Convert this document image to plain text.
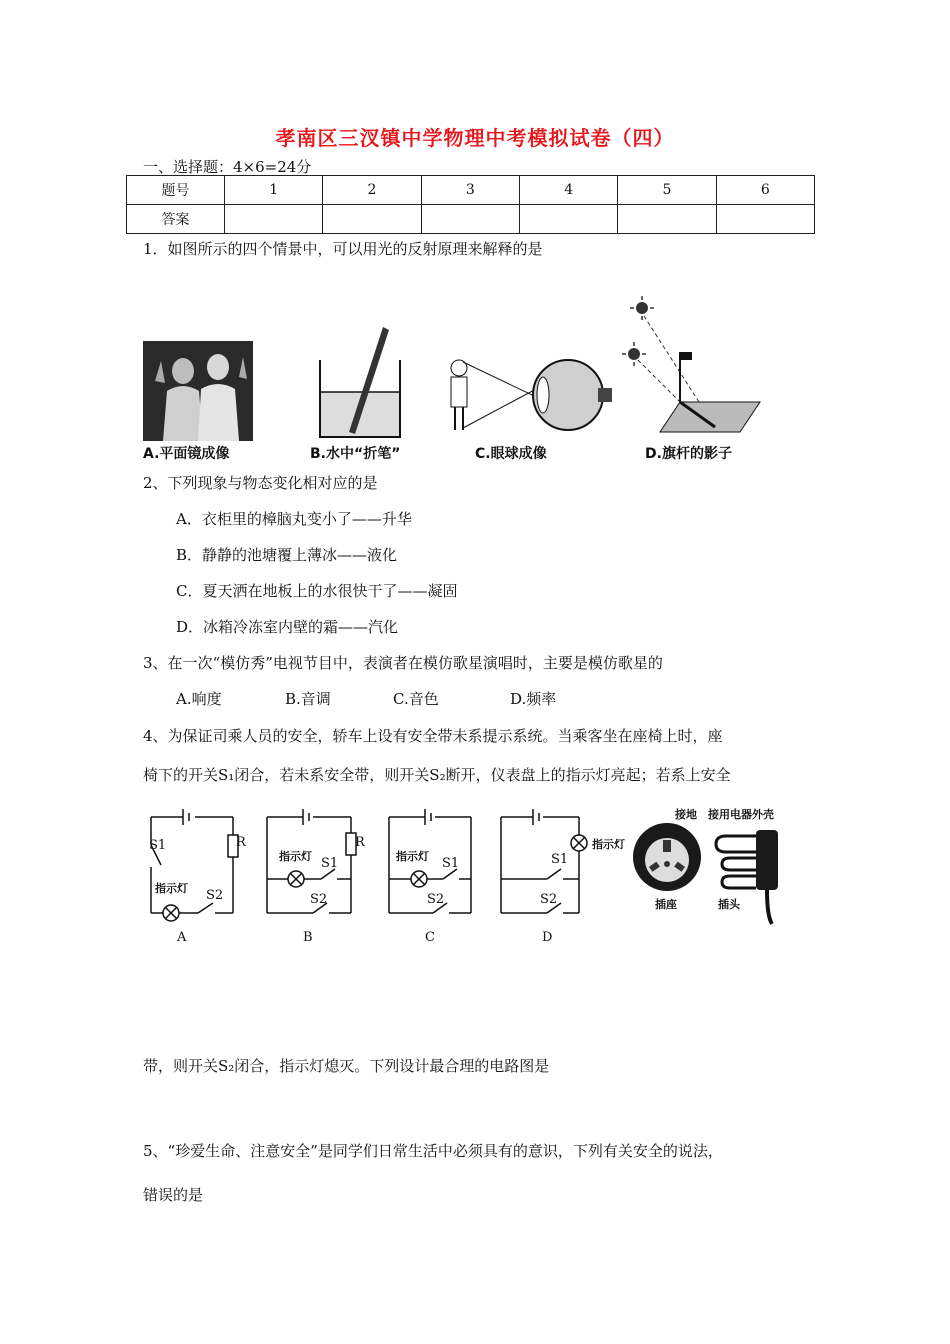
孝南区三汊镇中学物理中考模拟试卷（四）
一、选择题：4×6=24分
题号	1	2	3	4	5	6
答案						
1．如图所示的四个情景中，可以用光的反射原理来解释的是
A.平面镜成像	B.水中“折笔”	C.眼球成像	D.旗杆的影子
2、下列现象与物态变化相对应的是
A．衣柜里的樟脑丸变小了——升华
B．静静的池塘覆上薄冰——液化
C．夏天洒在地板上的水很快干了——凝固
D．冰箱冷冻室内壁的霜——汽化
3、在一次“模仿秀”电视节目中，表演者在模仿歌星演唱时，主要是模仿歌星的
A.响度	B.音调	C.音色	D.频率
4、为保证司乘人员的安全，轿车上设有安全带未系提示系统。当乘客坐在座椅上时，座
椅下的开关S₁闭合，若未系安全带，则开关S₂断开，仪表盘上的指示灯亮起；若系上安全
S1	R
指示灯 S2
A
指示灯 S1
R
S2
B
指示灯 S1
S2
C
指示灯
S1
S2
D
接地 接用电器外壳
插座	插头
带，则开关S₂闭合，指示灯熄灭。下列设计最合理的电路图是
5、“珍爱生命、注意安全”是同学们日常生活中必须具有的意识，下列有关安全的说法，
错误的是
